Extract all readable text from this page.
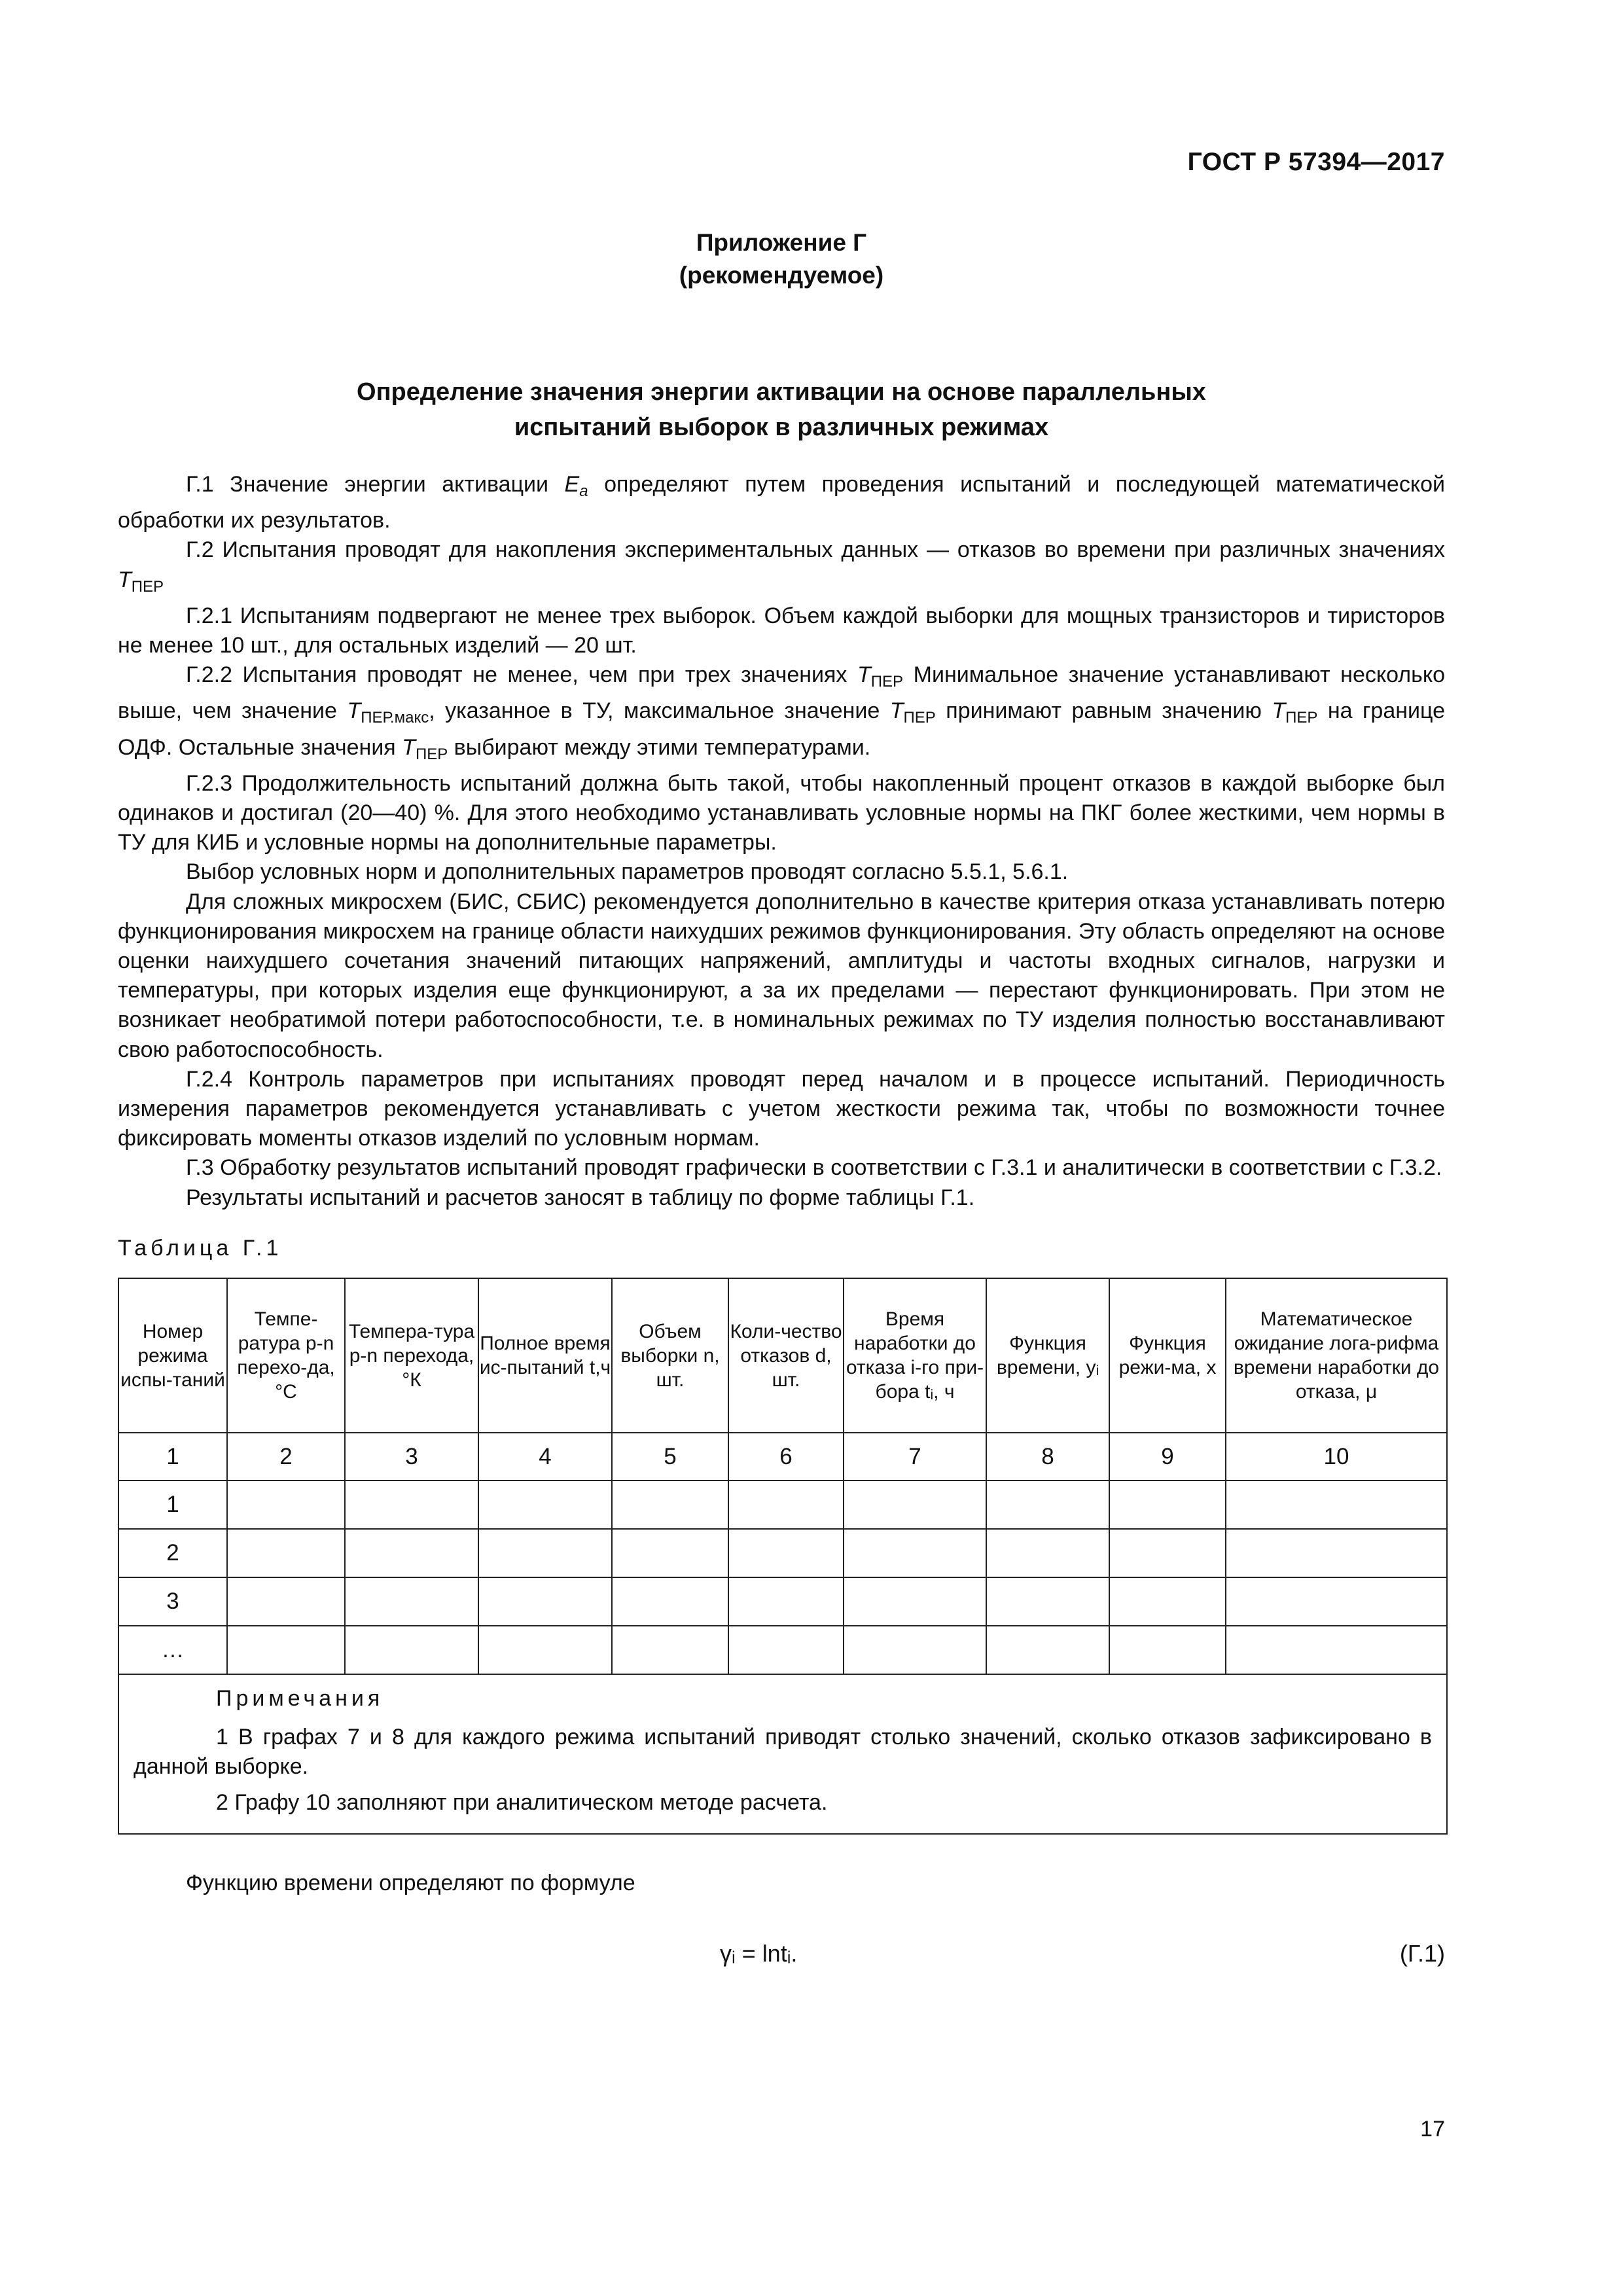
ГОСТ Р 57394—2017
Приложение Г
(рекомендуемое)
Определение значения энергии активации на основе параллельных
испытаний выборок в различных режимах

Г.1 Значение энергии активации $E_а$ определяют путем проведения испытаний и последующей математической обработки их результатов.

Г.2 Испытания проводят для накопления экспериментальных данных — отказов во времени при различных значениях $T_{ПЕР}$

Г.2.1 Испытаниям подвергают не менее трех выборок. Объем каждой выборки для мощных транзисторов и тиристоров не менее 10 шт., для остальных изделий — 20 шт.

Г.2.2 Испытания проводят не менее, чем при трех значениях $T_{ПЕР}$ Минимальное значение устанавливают несколько выше, чем значение $T_{ПЕР.макс}$, указанное в ТУ, максимальное значение $T_{ПЕР}$ принимают равным значению $T_{ПЕР}$ на границе ОДФ. Остальные значения $T_{ПЕР}$ выбирают между этими температурами.

Г.2.3 Продолжительность испытаний должна быть такой, чтобы накопленный процент отказов в каждой выборке был одинаков и достигал (20—40) %. Для этого необходимо устанавливать условные нормы на ПКГ более жесткими, чем нормы в ТУ для КИБ и условные нормы на дополнительные параметры.

Выбор условных норм и дополнительных параметров проводят согласно 5.5.1, 5.6.1.

Для сложных микросхем (БИС, СБИС) рекомендуется дополнительно в качестве критерия отказа устанавливать потерю функционирования микросхем на границе области наихудших режимов функционирования. Эту область определяют на основе оценки наихудшего сочетания значений питающих напряжений, амплитуды и частоты входных сигналов, нагрузки и температуры, при которых изделия еще функционируют, а за их пределами — перестают функционировать. При этом не возникает необратимой потери работоспособности, т.е. в номинальных режимах по ТУ изделия полностью восстанавливают свою работоспособность.

Г.2.4 Контроль параметров при испытаниях проводят перед началом и в процессе испытаний. Периодичность измерения параметров рекомендуется устанавливать с учетом жесткости режима так, чтобы по возможности точнее фиксировать моменты отказов изделий по условным нормам.

Г.3 Обработку результатов испытаний проводят графически в соответствии с Г.3.1 и аналитически в соответствии с Г.3.2.

Результаты испытаний и расчетов заносят в таблицу по форме таблицы Г.1.

Таблица Г.1
Номер режима испы-таний	Темпе-ратура p-n перехо-да, °С	Темпера-тура p-n перехода, °К	Полное время ис-пытаний t,ч	Объем выборки n, шт.	Коли-чество отказов d, шт.	Время наработки до отказа i-го при-бора tᵢ, ч	Функция времени, yᵢ	Функция режи-ма, x	Математическое ожидание лога-рифма времени наработки до отказа, μ
1	2	3	4	5	6	7	8	9	10
1									
2									
3									
…									

Примечания
1 В графах 7 и 8 для каждого режима испытаний приводят столько значений, сколько отказов зафиксировано в данной выборке.
2 Графу 10 заполняют при аналитическом методе расчета.									
Функцию времени определяют по формуле
γᵢ = lntᵢ.	(Г.1)
17
